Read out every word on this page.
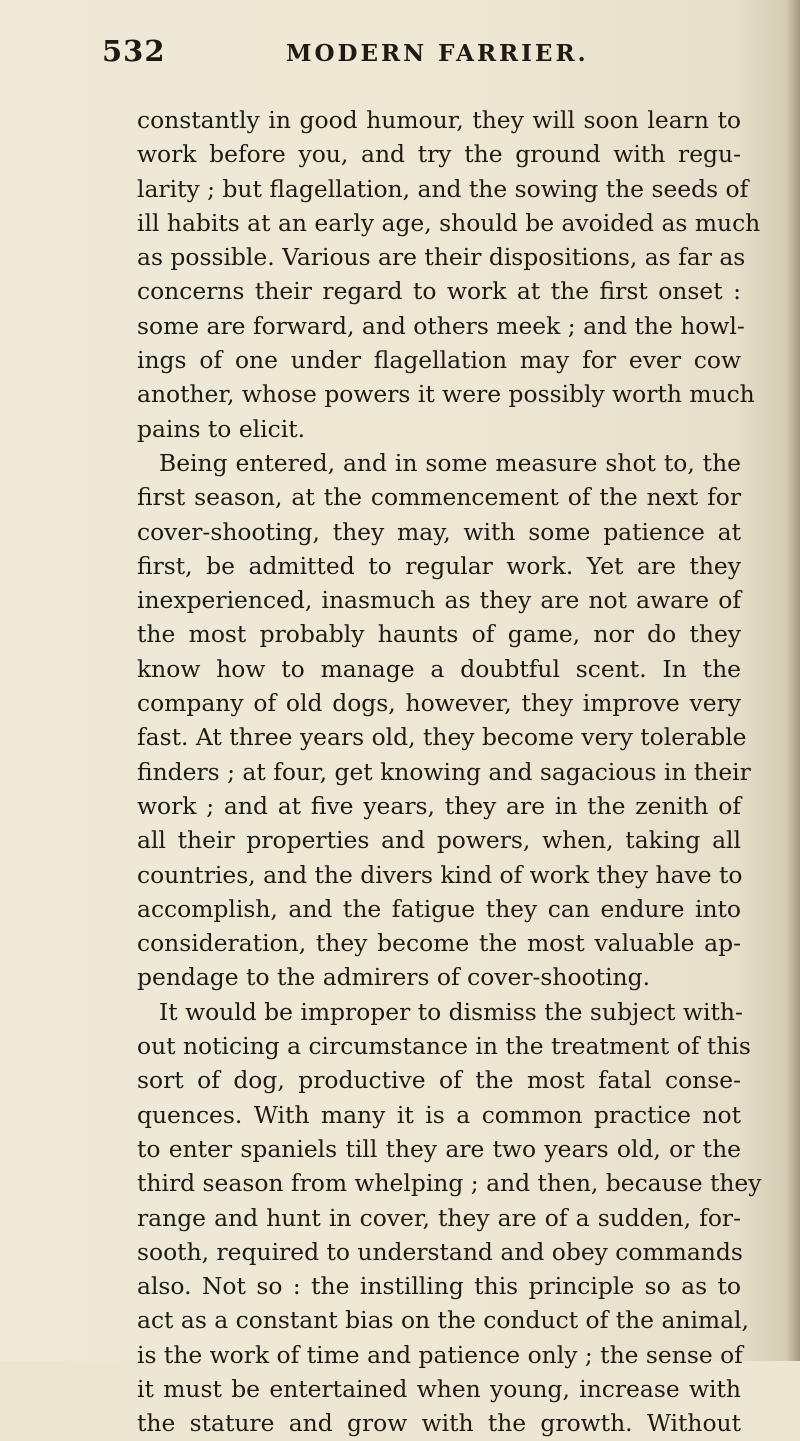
532	MODERN FARRIER.
constantly in good humour, they will soon learn to
work before you, and try the ground with regu-
larity ; but flagellation, and the sowing the seeds of
ill habits at an early age, should be avoided as much
as possible. Various are their dispositions, as far as
concerns their regard to work at the first onset :
some are forward, and others meek ; and the howl-
ings of one under flagellation may for ever cow
another, whose powers it were possibly worth much
pains to elicit.
Being entered, and in some measure shot to, the
first season, at the commencement of the next for
cover-shooting, they may, with some patience at
first, be admitted to regular work. Yet are they
inexperienced, inasmuch as they are not aware of
the most probably haunts of game, nor do they
know how to manage a doubtful scent. In the
company of old dogs, however, they improve very
fast. At three years old, they become very tolerable
finders ; at four, get knowing and sagacious in their
work ; and at five years, they are in the zenith of
all their properties and powers, when, taking all
countries, and the divers kind of work they have to
accomplish, and the fatigue they can endure into
consideration, they become the most valuable ap-
pendage to the admirers of cover-shooting.
It would be improper to dismiss the subject with-
out noticing a circumstance in the treatment of this
sort of dog, productive of the most fatal conse-
quences. With many it is a common practice not
to enter spaniels till they are two years old, or the
third season from whelping ; and then, because they
range and hunt in cover, they are of a sudden, for-
sooth, required to understand and obey commands
also. Not so : the instilling this principle so as to
act as a constant bias on the conduct of the animal,
is the work of time and patience only ; the sense of
it must be entertained when young, increase with
the stature and grow with the growth. Without
